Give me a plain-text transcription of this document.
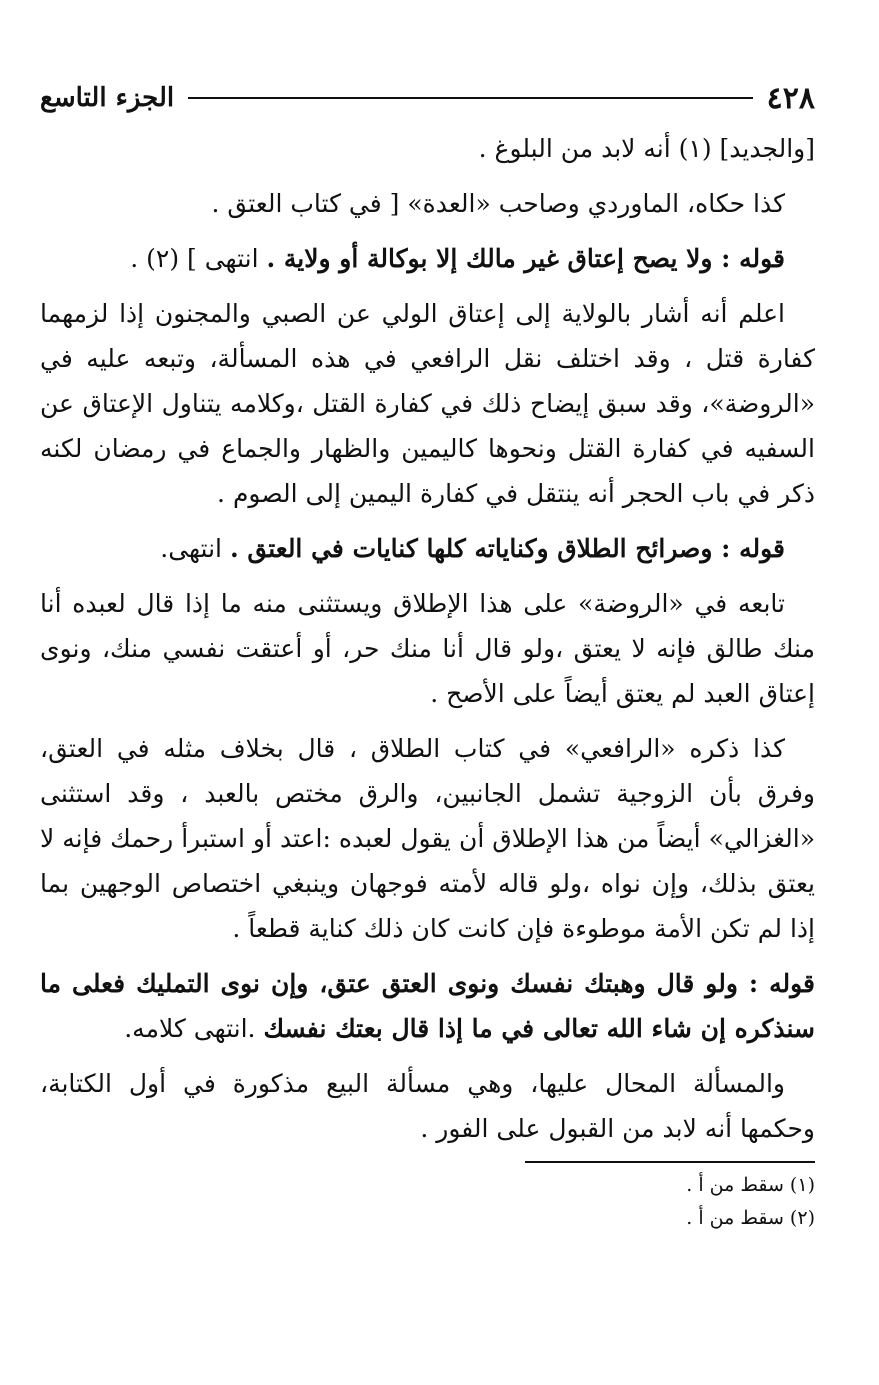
٤٢٨
الجزء التاسع

[والجديد] (١) أنه لابد من البلوغ .

كذا حكاه، الماوردي وصاحب «العدة» [ في كتاب العتق .

قوله : ولا يصح إعتاق غير مالك إلا بوكالة أو ولاية . انتهى ] (٢) .

اعلم أنه أشار بالولاية إلى إعتاق الولي عن الصبي والمجنون إذا لزمهما كفارة قتل ، وقد اختلف نقل الرافعي في هذه المسألة، وتبعه عليه في «الروضة»، وقد سبق إيضاح ذلك في كفارة القتل ،وكلامه يتناول الإعتاق عن السفيه في كفارة القتل ونحوها كاليمين والظهار والجماع في رمضان لكنه ذكر في باب الحجر أنه ينتقل في كفارة اليمين إلى الصوم .

قوله : وصرائح الطلاق وكناياته كلها كنايات في العتق . انتهى.

تابعه في «الروضة» على هذا الإطلاق ويستثنى منه ما إذا قال لعبده أنا منك طالق فإنه لا يعتق ،ولو قال أنا منك حر، أو أعتقت نفسي منك، ونوى إعتاق العبد لم يعتق أيضاً على الأصح .

كذا ذكره «الرافعي» في كتاب الطلاق ، قال بخلاف مثله في العتق، وفرق بأن الزوجية تشمل الجانبين، والرق مختص بالعبد ، وقد استثنى «الغزالي» أيضاً من هذا الإطلاق أن يقول لعبده :اعتد أو استبرأ رحمك فإنه لا يعتق بذلك، وإن نواه ،ولو قاله لأمته فوجهان وينبغي اختصاص الوجهين بما إذا لم تكن الأمة موطوءة فإن كانت كان ذلك كناية قطعاً .

قوله : ولو قال وهبتك نفسك ونوى العتق عتق، وإن نوى التمليك فعلى ما سنذكره إن شاء الله تعالى في ما إذا قال بعتك نفسك .انتهى كلامه.

والمسألة المحال عليها، وهي مسألة البيع مذكورة في أول الكتابة، وحكمها أنه لابد من القبول على الفور .

(١) سقط من أ .

(٢) سقط من أ .
